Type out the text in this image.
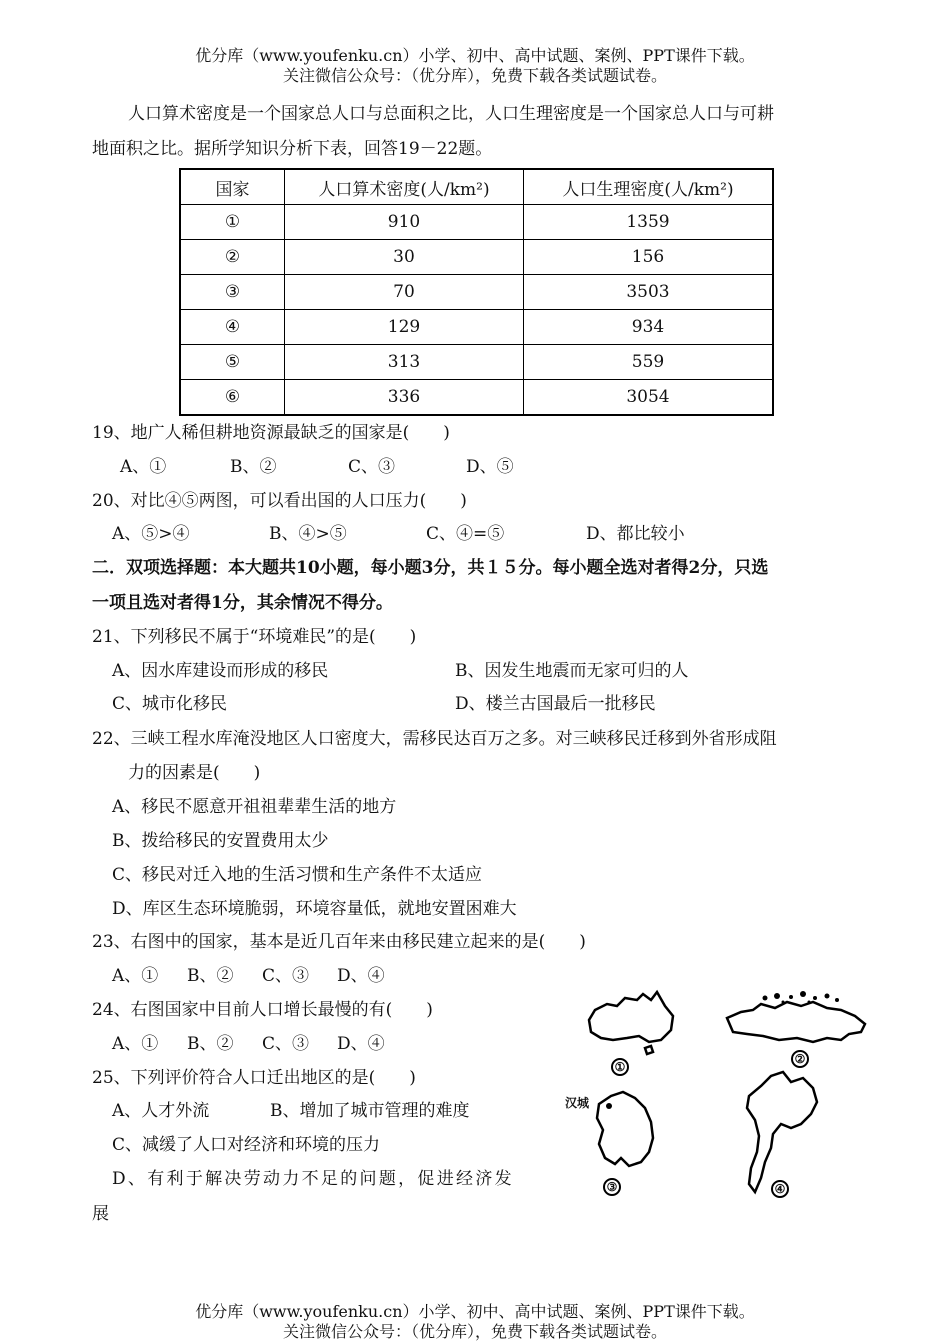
优分库（www.youfenku.cn）小学、初中、高中试题、案例、PPT课件下载。
关注微信公众号：（优分库），免费下载各类试题试卷。
人口算术密度是一个国家总人口与总面积之比，人口生理密度是一个国家总人口与可耕
地面积之比。据所学知识分析下表，回答19－22题。
国家	人口算术密度(人/km²)	人口生理密度(人/km²)
①	910	1359
②	30	156
③	70	3503
④	129	934
⑤	313	559
⑥	336	3054
19、地广人稀但耕地资源最缺乏的国家是(　　)
A、①	B、②	C、③	D、⑤
20、对比④⑤两图，可以看出国的人口压力(　　)
A、⑤>④	B、④>⑤	C、④=⑤	D、都比较小
二．双项选择题：本大题共10小题，每小题3分，共１５分。每小题全选对者得2分，只选
一项且选对者得1分，其余情况不得分。
21、下列移民不属于“环境难民”的是(　　)
A、因水库建设而形成的移民	B、因发生地震而无家可归的人
C、城市化移民	D、楼兰古国最后一批移民
22、三峡工程水库淹没地区人口密度大，需移民达百万之多。对三峡移民迁移到外省形成阻
力的因素是(　　)
A、移民不愿意开祖祖辈辈生活的地方
B、拨给移民的安置费用太少
C、移民对迁入地的生活习惯和生产条件不太适应
D、库区生态环境脆弱，环境容量低，就地安置困难大
23、右图中的国家，基本是近几百年来由移民建立起来的是(　　)
A、① B、② C、③ D、④
24、右图国家中目前人口增长最慢的有(　　)
A、① B、② C、③ D、④
25、下列评价符合人口迁出地区的是(　　)
A、人才外流	B、增加了城市管理的难度
C、减缓了人口对经济和环境的压力
D、有利于解决劳动力不足的问题，促进经济发
展
汉城
①
②
③	④
优分库（www.youfenku.cn）小学、初中、高中试题、案例、PPT课件下载。
关注微信公众号：（优分库），免费下载各类试题试卷。
